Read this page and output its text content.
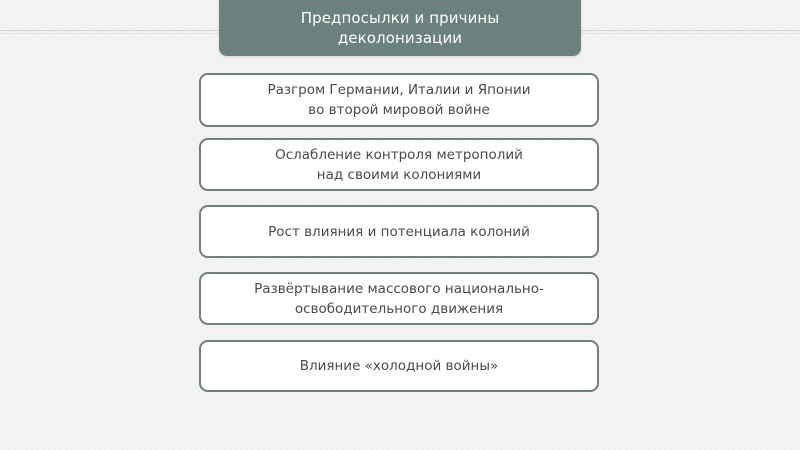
Предпосылки и причины
деколонизации
Разгром Германии, Италии и Японии
во второй мировой войне
Ослабление контроля метрополий
над своими колониями
Рост влияния и потенциала колоний
Развёртывание массового национально-
освободительного движения
Влияние «холодной войны»
